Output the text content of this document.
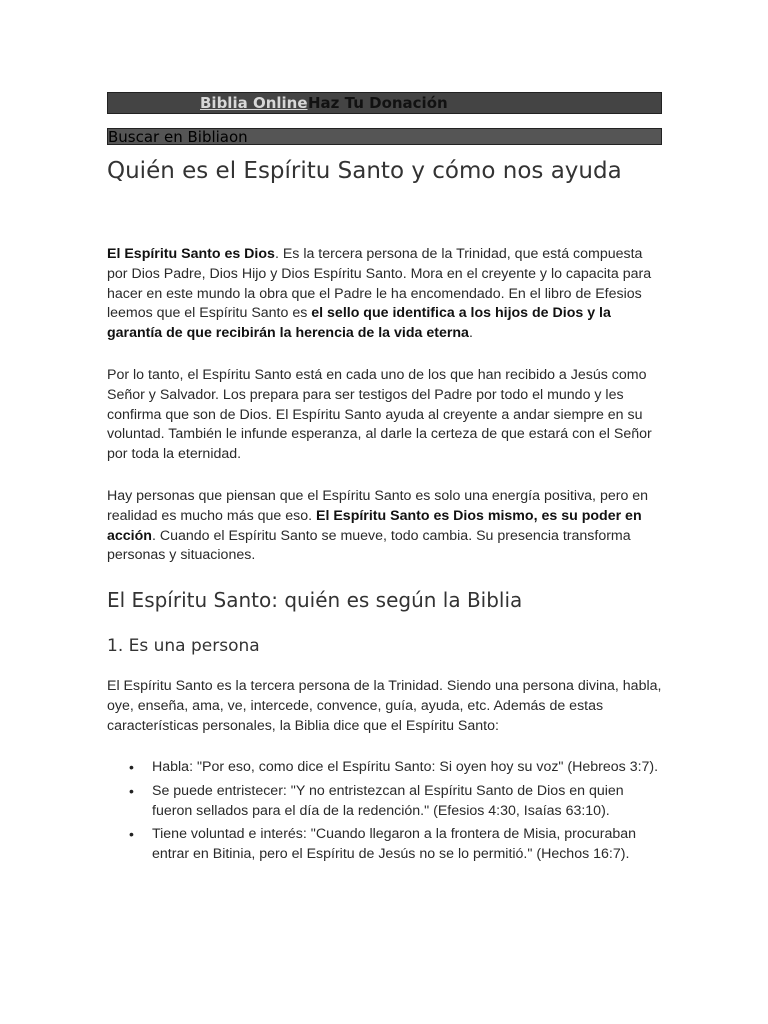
Biblia Online Haz Tu Donación
Buscar en Bibliaon
Quién es el Espíritu Santo y cómo nos ayuda

El Espíritu Santo es Dios. Es la tercera persona de la Trinidad, que está compuesta por Dios Padre, Dios Hijo y Dios Espíritu Santo. Mora en el creyente y lo capacita para hacer en este mundo la obra que el Padre le ha encomendado. En el libro de Efesios leemos que el Espíritu Santo es el sello que identifica a los hijos de Dios y la garantía de que recibirán la herencia de la vida eterna.

Por lo tanto, el Espíritu Santo está en cada uno de los que han recibido a Jesús como Señor y Salvador. Los prepara para ser testigos del Padre por todo el mundo y les confirma que son de Dios. El Espíritu Santo ayuda al creyente a andar siempre en su voluntad. También le infunde esperanza, al darle la certeza de que estará con el Señor por toda la eternidad.

Hay personas que piensan que el Espíritu Santo es solo una energía positiva, pero en realidad es mucho más que eso. El Espíritu Santo es Dios mismo, es su poder en acción. Cuando el Espíritu Santo se mueve, todo cambia. Su presencia transforma personas y situaciones.

El Espíritu Santo: quién es según la Biblia
1. Es una persona

El Espíritu Santo es la tercera persona de la Trinidad. Siendo una persona divina, habla, oye, enseña, ama, ve, intercede, convence, guía, ayuda, etc. Además de estas características personales, la Biblia dice que el Espíritu Santo:

• Habla: "Por eso, como dice el Espíritu Santo: Si oyen hoy su voz" (Hebreos 3:7).
• Se puede entristecer: "Y no entristezcan al Espíritu Santo de Dios en quien fueron sellados para el día de la redención." (Efesios 4:30, Isaías 63:10).
• Tiene voluntad e interés: "Cuando llegaron a la frontera de Misia, procuraban entrar en Bitinia, pero el Espíritu de Jesús no se lo permitió." (Hechos 16:7).
